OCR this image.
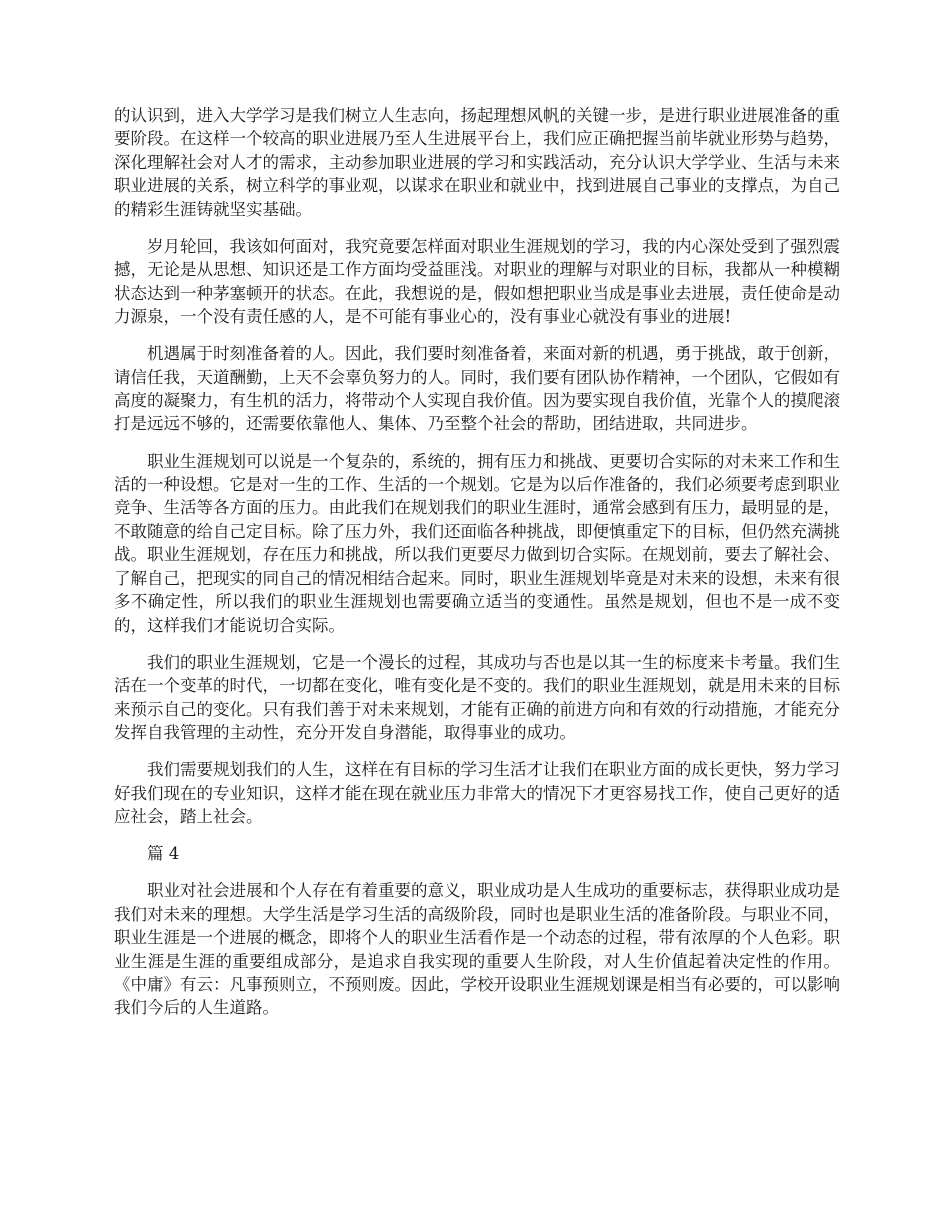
的认识到，进入大学学习是我们树立人生志向，扬起理想风帆的关键一步，是进行职业进展准备的重要阶段。在这样一个较高的职业进展乃至人生进展平台上，我们应正确把握当前毕就业形势与趋势，深化理解社会对人才的需求，主动参加职业进展的学习和实践活动，充分认识大学学业、生活与未来职业进展的关系，树立科学的事业观，以谋求在职业和就业中，找到进展自己事业的支撑点，为自己的精彩生涯铸就坚实基础。

岁月轮回，我该如何面对，我究竟要怎样面对职业生涯规划的学习，我的内心深处受到了强烈震撼，无论是从思想、知识还是工作方面均受益匪浅。对职业的理解与对职业的目标，我都从一种模糊状态达到一种茅塞顿开的状态。在此，我想说的是，假如想把职业当成是事业去进展，责任使命是动力源泉，一个没有责任感的人，是不可能有事业心的，没有事业心就没有事业的进展!

机遇属于时刻准备着的人。因此，我们要时刻准备着，来面对新的机遇，勇于挑战，敢于创新，请信任我，天道酬勤，上天不会辜负努力的人。同时，我们要有团队协作精神，一个团队，它假如有高度的凝聚力，有生机的活力，将带动个人实现自我价值。因为要实现自我价值，光靠个人的摸爬滚打是远远不够的，还需要依靠他人、集体、乃至整个社会的帮助，团结进取，共同进步。

职业生涯规划可以说是一个复杂的，系统的，拥有压力和挑战、更要切合实际的对未来工作和生活的一种设想。它是对一生的工作、生活的一个规划。它是为以后作准备的，我们必须要考虑到职业竞争、生活等各方面的压力。由此我们在规划我们的职业生涯时，通常会感到有压力，最明显的是，不敢随意的给自己定目标。除了压力外，我们还面临各种挑战，即便慎重定下的目标，但仍然充满挑战。职业生涯规划，存在压力和挑战，所以我们更要尽力做到切合实际。在规划前，要去了解社会、了解自己，把现实的同自己的情况相结合起来。同时，职业生涯规划毕竟是对未来的设想，未来有很多不确定性，所以我们的职业生涯规划也需要确立适当的变通性。虽然是规划，但也不是一成不变的，这样我们才能说切合实际。

我们的职业生涯规划，它是一个漫长的过程，其成功与否也是以其一生的标度来卡考量。我们生活在一个变革的时代，一切都在变化，唯有变化是不变的。我们的职业生涯规划，就是用未来的目标来预示自己的变化。只有我们善于对未来规划，才能有正确的前进方向和有效的行动措施，才能充分发挥自我管理的主动性，充分开发自身潜能，取得事业的成功。

我们需要规划我们的人生，这样在有目标的学习生活才让我们在职业方面的成长更快，努力学习好我们现在的专业知识，这样才能在现在就业压力非常大的情况下才更容易找工作，使自己更好的适应社会，踏上社会。

篇 4

职业对社会进展和个人存在有着重要的意义，职业成功是人生成功的重要标志，获得职业成功是我们对未来的理想。大学生活是学习生活的高级阶段，同时也是职业生活的准备阶段。与职业不同，职业生涯是一个进展的概念，即将个人的职业生活看作是一个动态的过程，带有浓厚的个人色彩。职业生涯是生涯的重要组成部分，是追求自我实现的重要人生阶段，对人生价值起着决定性的作用。《中庸》有云：凡事预则立，不预则废。因此，学校开设职业生涯规划课是相当有必要的，可以影响我们今后的人生道路。
